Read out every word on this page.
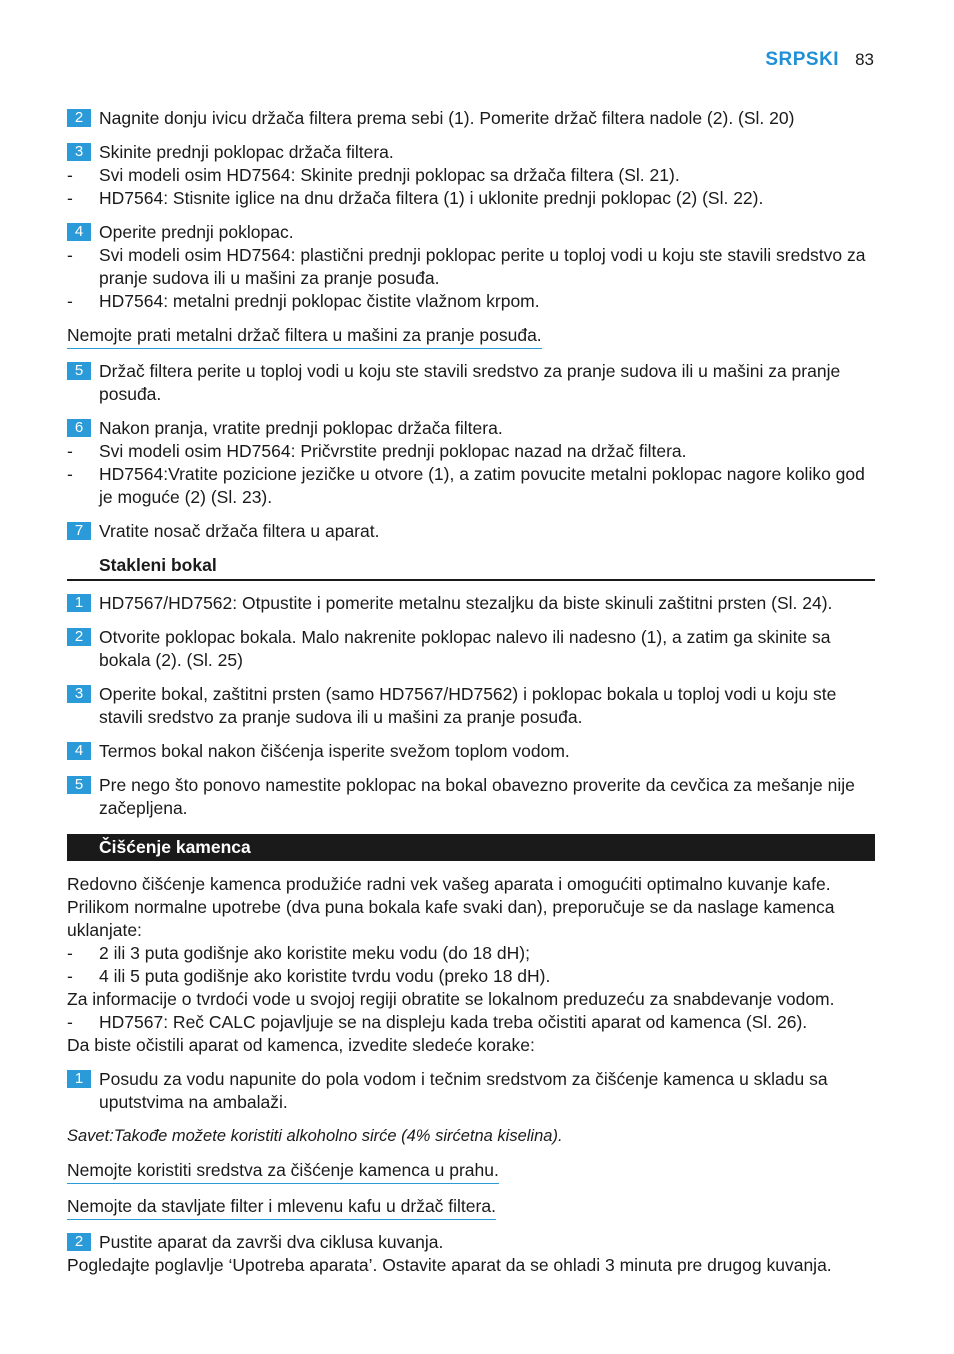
SRPSKI 83
2 Nagnite donju ivicu držača filtera prema sebi (1). Pomerite držač filtera nadole (2). (Sl. 20)
3 Skinite prednji poklopac držača filtera.
- Svi modeli osim HD7564: Skinite prednji poklopac sa držača filtera (Sl. 21).
- HD7564: Stisnite iglice na dnu držača filtera (1) i uklonite prednji poklopac (2) (Sl. 22).
4 Operite prednji poklopac.
- Svi modeli osim HD7564: plastični prednji poklopac perite u toploj vodi u koju ste stavili sredstvo za pranje sudova ili u mašini za pranje posuđa.
- HD7564: metalni prednji poklopac čistite vlažnom krpom.
Nemojte prati metalni držač filtera u mašini za pranje posuđa.
5 Držač filtera perite u toploj vodi u koju ste stavili sredstvo za pranje sudova ili u mašini za pranje posuđa.
6 Nakon pranja, vratite prednji poklopac držača filtera.
- Svi modeli osim HD7564: Pričvrstite prednji poklopac nazad na držač filtera.
- HD7564:Vratite pozicione jezičke u otvore (1), a zatim povucite metalni poklopac nagore koliko god je moguće (2) (Sl. 23).
7 Vratite nosač držača filtera u aparat.
Stakleni bokal
1 HD7567/HD7562: Otpustite i pomerite metalnu stezaljku da biste skinuli zaštitni prsten (Sl. 24).
2 Otvorite poklopac bokala. Malo nakrenite poklopac nalevo ili nadesno (1), a zatim ga skinite sa bokala (2). (Sl. 25)
3 Operite bokal, zaštitni prsten (samo HD7567/HD7562) i poklopac bokala u toploj vodi u koju ste stavili sredstvo za pranje sudova ili u mašini za pranje posuđa.
4 Termos bokal nakon čišćenja isperite svežom toplom vodom.
5 Pre nego što ponovo namestite poklopac na bokal obavezno proverite da cevčica za mešanje nije začepljena.
Čišćenje kamenca
Redovno čišćenje kamenca produžiće radni vek vašeg aparata i omogućiti optimalno kuvanje kafe. Prilikom normalne upotrebe (dva puna bokala kafe svaki dan), preporučuje se da naslage kamenca uklanjate:
- 2 ili 3 puta godišnje ako koristite meku vodu (do 18 dH);
- 4 ili 5 puta godišnje ako koristite tvrdu vodu (preko 18 dH).
Za informacije o tvrdoći vode u svojoj regiji obratite se lokalnom preduzeću za snabdevanje vodom.
- HD7567: Reč CALC pojavljuje se na displeju kada treba očistiti aparat od kamenca (Sl. 26).
Da biste očistili aparat od kamenca, izvedite sledeće korake:
1 Posudu za vodu napunite do pola vodom i tečnim sredstvom za čišćenje kamenca u skladu sa uputstvima na ambalaži.
Savet:Takođe možete koristiti alkoholno sirće (4% sirćetna kiselina).
Nemojte koristiti sredstva za čišćenje kamenca u prahu.
Nemojte da stavljate filter i mlevenu kafu u držač filtera.
2 Pustite aparat da završi dva ciklusa kuvanja.
Pogledajte poglavlje ‘Upotreba aparata’. Ostavite aparat da se ohladi 3 minuta pre drugog kuvanja.
